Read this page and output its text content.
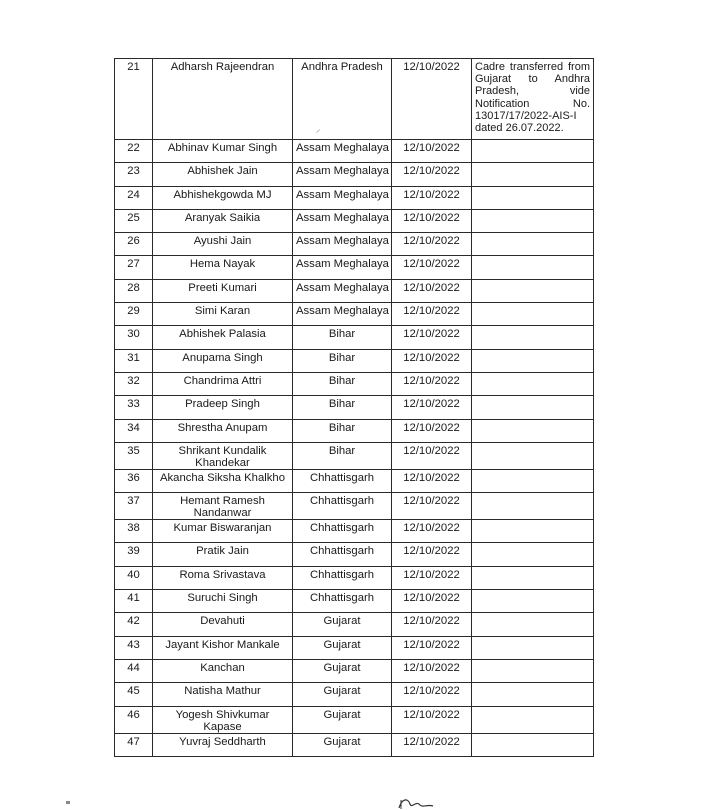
21	Adharsh Rajeendran	Andhra Pradesh	12/10/2022	Cadre transferred from Gujarat to Andhra Pradesh, vide Notification No. 13017/17/2022-AIS-I dated 26.07.2022.
22	Abhinav Kumar Singh	Assam Meghalaya	12/10/2022	
23	Abhishek Jain	Assam Meghalaya	12/10/2022	
24	Abhishekgowda MJ	Assam Meghalaya	12/10/2022	
25	Aranyak Saikia	Assam Meghalaya	12/10/2022	
26	Ayushi Jain	Assam Meghalaya	12/10/2022	
27	Hema Nayak	Assam Meghalaya	12/10/2022	
28	Preeti Kumari	Assam Meghalaya	12/10/2022	
29	Simi Karan	Assam Meghalaya	12/10/2022	
30	Abhishek Palasia	Bihar	12/10/2022	
31	Anupama Singh	Bihar	12/10/2022	
32	Chandrima Attri	Bihar	12/10/2022	
33	Pradeep Singh	Bihar	12/10/2022	
34	Shrestha Anupam	Bihar	12/10/2022	
35	Shrikant Kundalik Khandekar	Bihar	12/10/2022	
36	Akancha Siksha Khalkho	Chhattisgarh	12/10/2022	
37	Hemant Ramesh Nandanwar	Chhattisgarh	12/10/2022	
38	Kumar Biswaranjan	Chhattisgarh	12/10/2022	
39	Pratik Jain	Chhattisgarh	12/10/2022	
40	Roma Srivastava	Chhattisgarh	12/10/2022	
41	Suruchi Singh	Chhattisgarh	12/10/2022	
42	Devahuti	Gujarat	12/10/2022	
43	Jayant Kishor Mankale	Gujarat	12/10/2022	
44	Kanchan	Gujarat	12/10/2022	
45	Natisha Mathur	Gujarat	12/10/2022	
46	Yogesh Shivkumar Kapase	Gujarat	12/10/2022	
47	Yuvraj Seddharth	Gujarat	12/10/2022	
⸝
